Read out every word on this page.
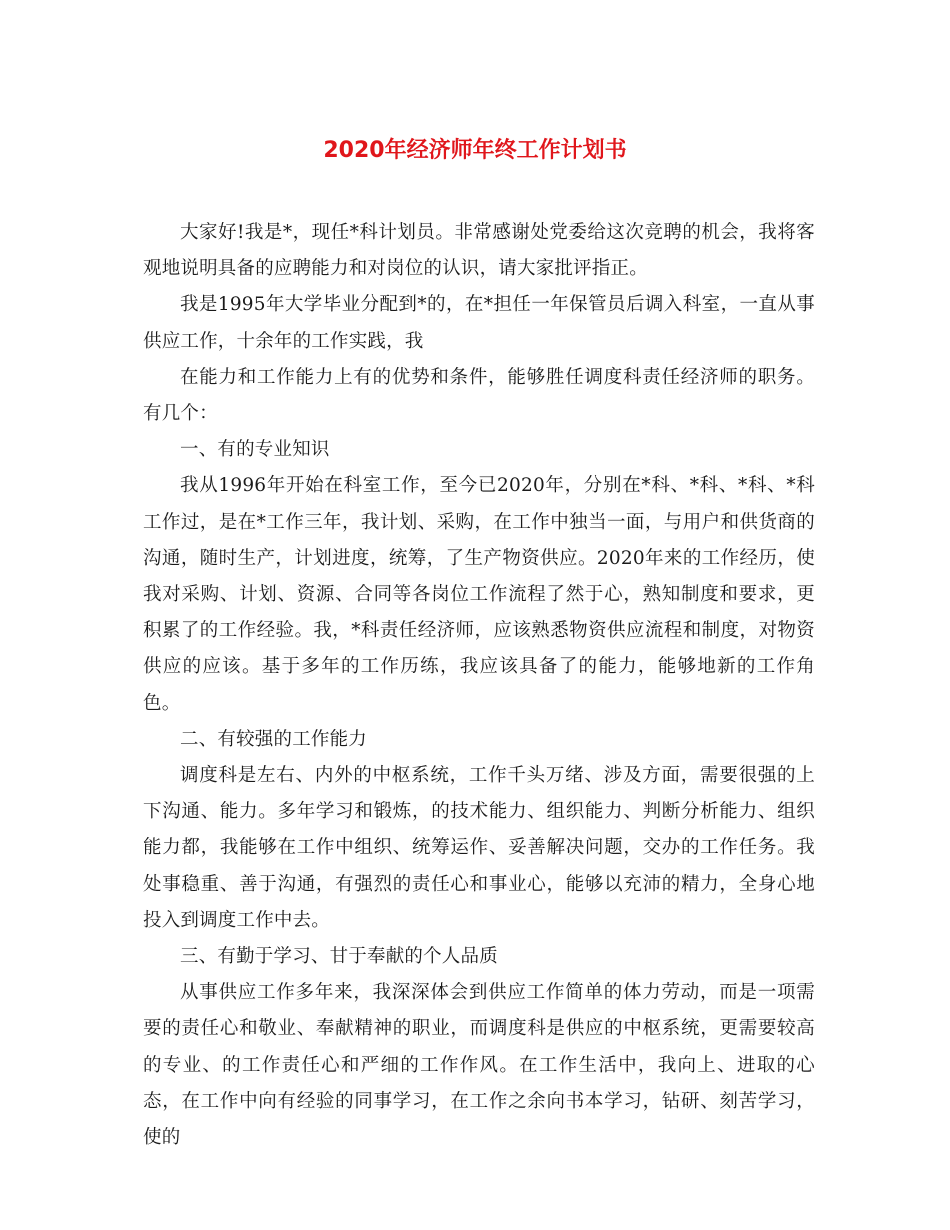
2020年经济师年终工作计划书

大家好!我是*，现任*科计划员。非常感谢处党委给这次竞聘的机会，我将客观地说明具备的应聘能力和对岗位的认识，请大家批评指正。

我是1995年大学毕业分配到*的，在*担任一年保管员后调入科室，一直从事供应工作，十余年的工作实践，我

在能力和工作能力上有的优势和条件，能够胜任调度科责任经济师的职务。有几个：

一、有的专业知识

我从1996年开始在科室工作，至今已2020年，分别在*科、*科、*科、*科工作过，是在*工作三年，我计划、采购，在工作中独当一面，与用户和供货商的沟通，随时生产，计划进度，统筹，了生产物资供应。2020年来的工作经历，使我对采购、计划、资源、合同等各岗位工作流程了然于心，熟知制度和要求，更积累了的工作经验。我，*科责任经济师，应该熟悉物资供应流程和制度，对物资供应的应该。基于多年的工作历练，我应该具备了的能力，能够地新的工作角色。

二、有较强的工作能力

调度科是左右、内外的中枢系统，工作千头万绪、涉及方面，需要很强的上下沟通、能力。多年学习和锻炼，的技术能力、组织能力、判断分析能力、组织能力都，我能够在工作中组织、统筹运作、妥善解决问题，交办的工作任务。我处事稳重、善于沟通，有强烈的责任心和事业心，能够以充沛的精力，全身心地投入到调度工作中去。

三、有勤于学习、甘于奉献的个人品质

从事供应工作多年来，我深深体会到供应工作简单的体力劳动，而是一项需要的责任心和敬业、奉献精神的职业，而调度科是供应的中枢系统，更需要较高的专业、的工作责任心和严细的工作作风。在工作生活中，我向上、进取的心态，在工作中向有经验的同事学习，在工作之余向书本学习，钻研、刻苦学习，使的
